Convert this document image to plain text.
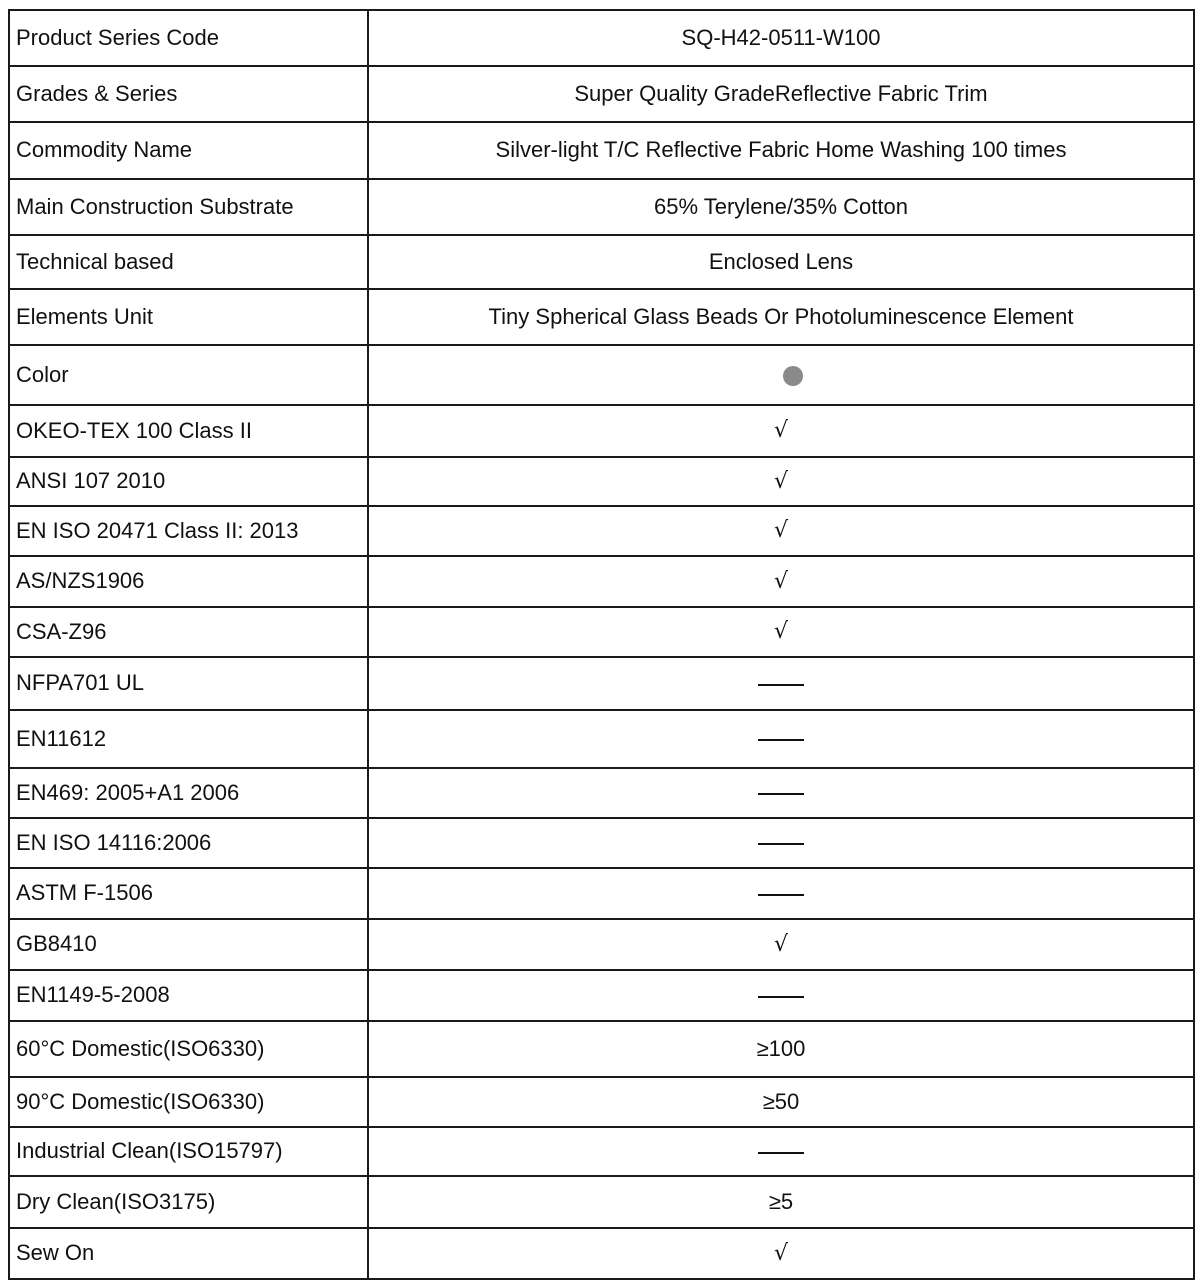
Product Series Code	SQ-H42-0511-W100
Grades & Series	Super Quality GradeReflective Fabric Trim
Commodity Name	Silver-light T/C Reflective Fabric Home Washing 100 times
Main Construction Substrate	65% Terylene/35% Cotton
Technical based	Enclosed Lens
Elements Unit	Tiny Spherical Glass Beads Or Photoluminescence Element
Color	
OKEO-TEX 100 Class II	√
ANSI 107 2010	√
EN ISO 20471 Class II: 2013	√
AS/NZS1906	√
CSA-Z96	√
NFPA701 UL	
EN11612	
EN469: 2005+A1 2006	
EN ISO 14116:2006	
ASTM F-1506	
GB8410	√
EN1149-5-2008	
60°C Domestic(ISO6330)	≥100
90°C Domestic(ISO6330)	≥50
Industrial Clean(ISO15797)	
Dry Clean(ISO3175)	≥5
Sew On	√
